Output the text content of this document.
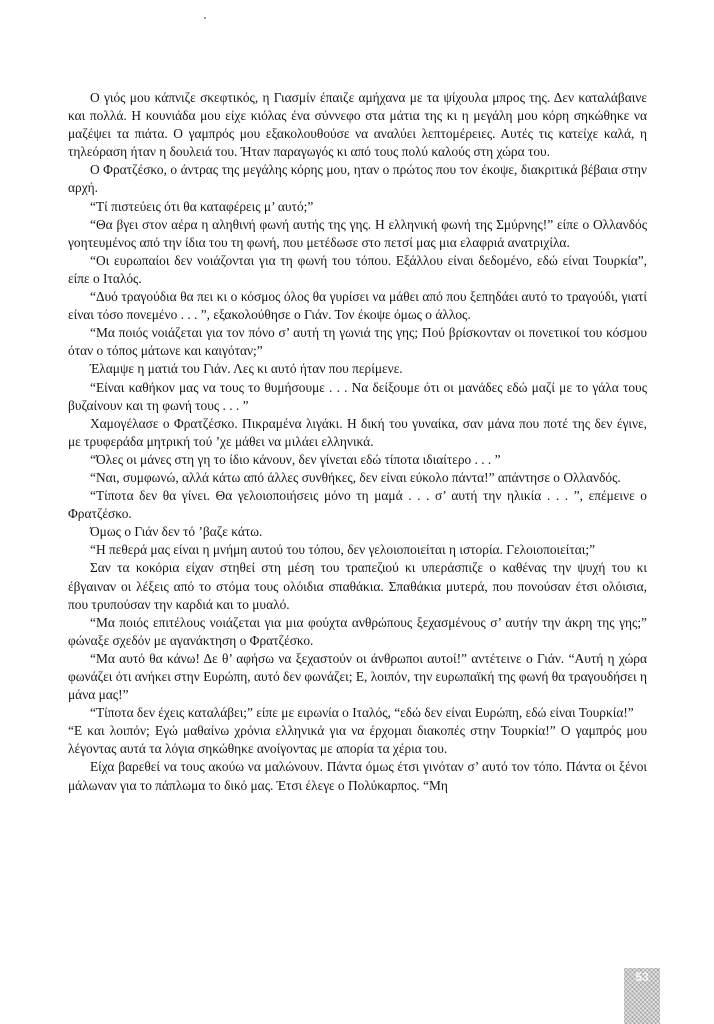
Ο γιός μου κάπνιζε σκεφτικός, η Γιασμίν έπαιζε αμήχανα με τα ψίχουλα μπρος της. Δεν καταλάβαινε και πολλά. Η κουνιάδα μου είχε κιόλας ένα σύννεφο στα μάτια της κι η μεγάλη μου κόρη σηκώθηκε να μαζέψει τα πιάτα. Ο γαμπρός μου εξακολουθούσε να αναλύει λεπτομέρειες. Αυτές τις κατείχε καλά, η τηλεόραση ήταν η δουλειά του. Ήταν παραγωγός κι από τους πολύ καλούς στη χώρα του.

Ο Φρατζέσκο, ο άντρας της μεγάλης κόρης μου, ηταν ο πρώτος που τον έκοψε, διακριτικά βέβαια στην αρχή.

“Τί πιστεύεις ότι θα καταφέρεις μ’ αυτό;”

“Θα βγει στον αέρα η αληθινή φωνή αυτής της γης. Η ελληνική φωνή της Σμύρνης!” είπε ο Ολλανδός γοητευμένος από την ίδια του τη φωνή, που μετέδωσε στο πετσί μας μια ελαφριά ανατριχίλα.

“Οι ευρωπαίοι δεν νοιάζονται για τη φωνή του τόπου. Εξάλλου είναι δεδομένο, εδώ είναι Τουρκία”, είπε ο Ιταλός.

“Δυό τραγούδια θα πει κι ο κόσμος όλος θα γυρίσει να μάθει από που ξεπηδάει αυτό το τραγούδι, γιατί είναι τόσο πονεμένο . . . ”, εξακολούθησε ο Γιάν. Τον έκοψε όμως ο άλλος.

“Μα ποιός νοιάζεται για τον πόνο σ’ αυτή τη γωνιά της γης; Πού βρίσκονταν οι πονετικοί του κόσμου όταν ο τόπος μάτωνε και καιγόταν;”

Έλαμψε η ματιά του Γιάν. Λες κι αυτό ήταν που περίμενε.

“Είναι καθήκον μας να τους το θυμήσουμε . . . Να δείξουμε ότι οι μανάδες εδώ μαζί με το γάλα τους βυζαίνουν και τη φωνή τους . . . ”

Χαμογέλασε ο Φρατζέσκο. Πικραμένα λιγάκι. Η δική του γυναίκα, σαν μάνα που ποτέ της δεν έγινε, με τρυφεράδα μητρική τού ’χε μάθει να μιλάει ελληνικά.

“Όλες οι μάνες στη γη το ίδιο κάνουν, δεν γίνεται εδώ τίποτα ιδιαίτερο . . . ”

“Ναι, συμφωνώ, αλλά κάτω από άλλες συνθήκες, δεν είναι εύκολο πάντα!” απάντησε ο Ολλανδός.

“Τίποτα δεν θα γίνει. Θα γελοιοποιήσεις μόνο τη μαμά . . . σ’ αυτή την ηλικία . . . ”, επέμεινε ο Φρατζέσκο.

Όμως ο Γιάν δεν τό ’βαζε κάτω.

“Η πεθερά μας είναι η μνήμη αυτού του τόπου, δεν γελοιοποιείται η ιστορία. Γελοιοποιείται;”

Σαν τα κοκόρια είχαν στηθεί στη μέση του τραπεζιού κι υπεράσπιζε ο καθένας την ψυχή του κι έβγαιναν οι λέξεις από το στόμα τους ολόιδια σπαθάκια. Σπαθάκια μυτερά, που πονούσαν έτσι ολόισια, που τρυπούσαν την καρδιά και το μυαλό.

“Μα ποιός επιτέλους νοιάζεται για μια φούχτα ανθρώπους ξεχασμένους σ’ αυτήν την άκρη της γης;” φώναξε σχεδόν με αγανάκτηση ο Φρατζέσκο.

“Μα αυτό θα κάνω! Δε θ’ αφήσω να ξεχαστούν οι άνθρωποι αυτοί!” αντέτεινε ο Γιάν. “Αυτή η χώρα φωνάζει ότι ανήκει στην Ευρώπη, αυτό δεν φωνάζει; Ε, λοιπόν, την ευρωπαϊκή της φωνή θα τραγουδήσει η μάνα μας!”

“Τίποτα δεν έχεις καταλάβει;” είπε με ειρωνία ο Ιταλός, “εδώ δεν είναι Ευρώπη, εδώ είναι Τουρκία!”

“Ε και λοιπόν; Εγώ μαθαίνω χρόνια ελληνικά για να έρχομαι διακοπές στην Τουρκία!” Ο γαμπρός μου λέγοντας αυτά τα λόγια σηκώθηκε ανοίγοντας με απορία τα χέρια του.

Είχα βαρεθεί να τους ακούω να μαλώνουν. Πάντα όμως έτσι γινόταν σ’ αυτό τον τόπο. Πάντα οι ξένοι μάλωναν για το πάπλωμα το δικό μας. Έτσι έλεγε ο Πολύκαρπος. “Μη

53
